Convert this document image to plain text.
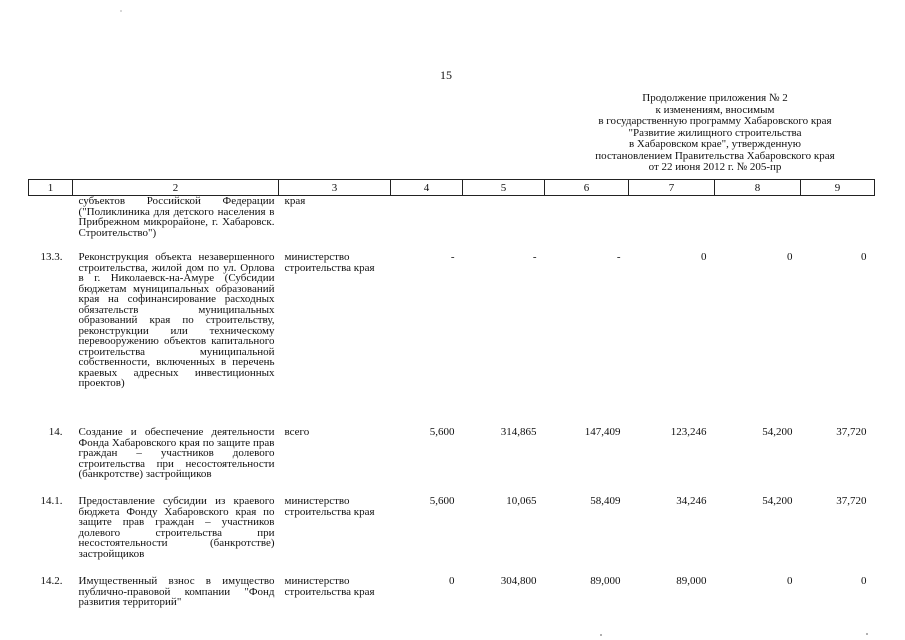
15
Продолжение приложения № 2
к изменениям, вносимым
в государственную программу Хабаровского края
"Развитие жилищного строительства
в Хабаровском крае", утвержденную
постановлением Правительства Хабаровского края
от 22 июня 2012 г. № 205-пр
1	2	3	4	5	6	7	8	9
	субъектов Российской Федерации ("Поликлиника для детского населения в Прибрежном микрорайоне, г. Хабаровск. Строительство")	края						
13.3.	Реконструкция объекта незавершенного строительства, жилой дом по ул. Орлова в г. Николаевск-на-Амуре (Субсидии бюджетам муниципальных образований края на софинансирование расходных обязательств муниципальных образований края по строительству, реконструкции или техническому перевооружению объектов капитального строительства муниципальной собственности, включенных в перечень краевых адресных инвестиционных проектов)	министерство строительства края	-	-	-	0	0	0
14.	Создание и обеспечение деятельности Фонда Хабаровского края по защите прав граждан – участников долевого строительства при несостоятельности (банкротстве) застройщиков	всего	5,600	314,865	147,409	123,246	54,200	37,720
14.1.	Предоставление субсидии из краевого бюджета Фонду Хабаровского края по защите прав граждан – участников долевого строительства при несостоятельности (банкротстве) застройщиков	министерство строительства края	5,600	10,065	58,409	34,246	54,200	37,720
14.2.	Имущественный взнос в имущество публично-правовой компании "Фонд развития территорий"	министерство строительства края	0	304,800	89,000	89,000	0	0
